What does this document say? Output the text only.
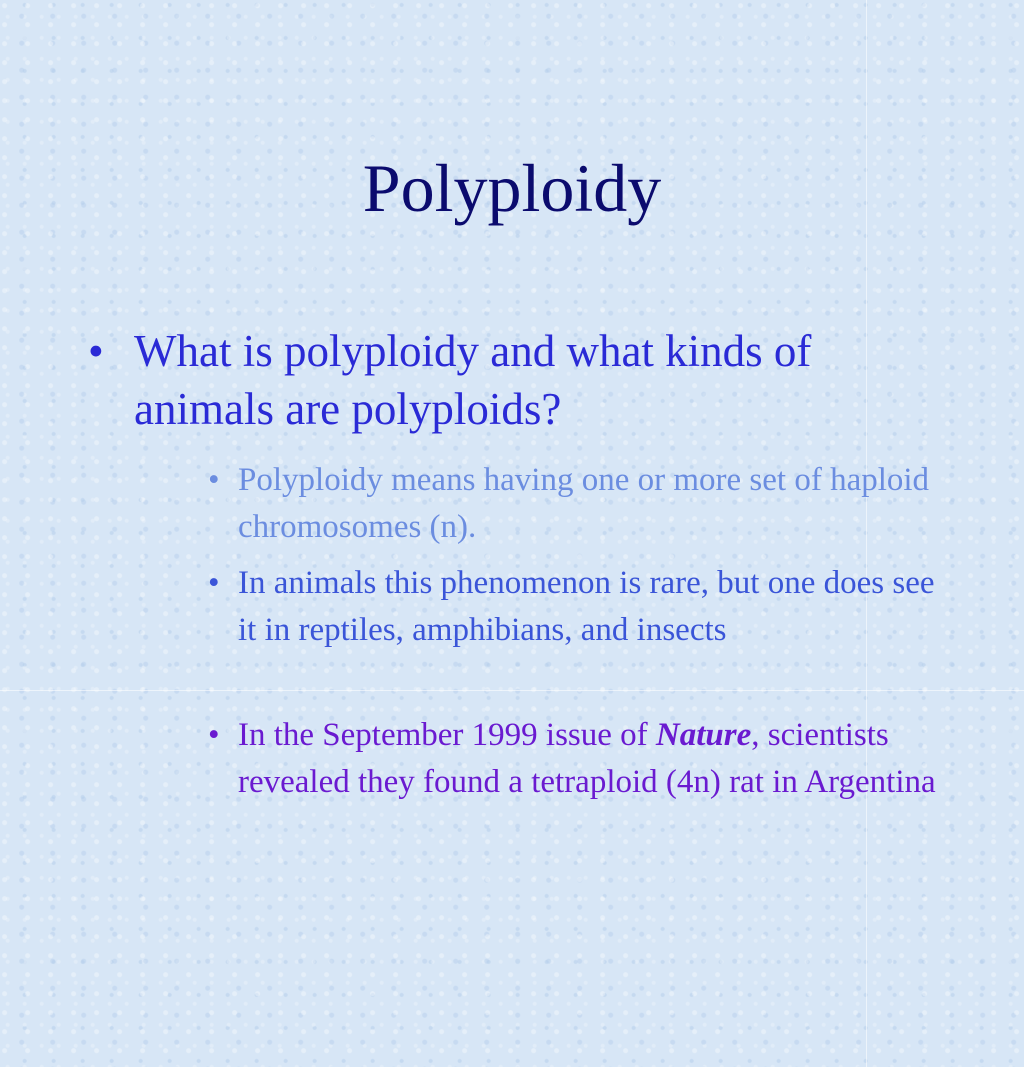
Polyploidy
• What is polyploidy and what kinds of animals are polyploids?
• Polyploidy means having one or more set of haploid chromosomes (n).
• In animals this phenomenon is rare, but one does see it in reptiles, amphibians, and insects
• In the September 1999 issue of Nature, scientists revealed they found a tetraploid (4n) rat in Argentina
